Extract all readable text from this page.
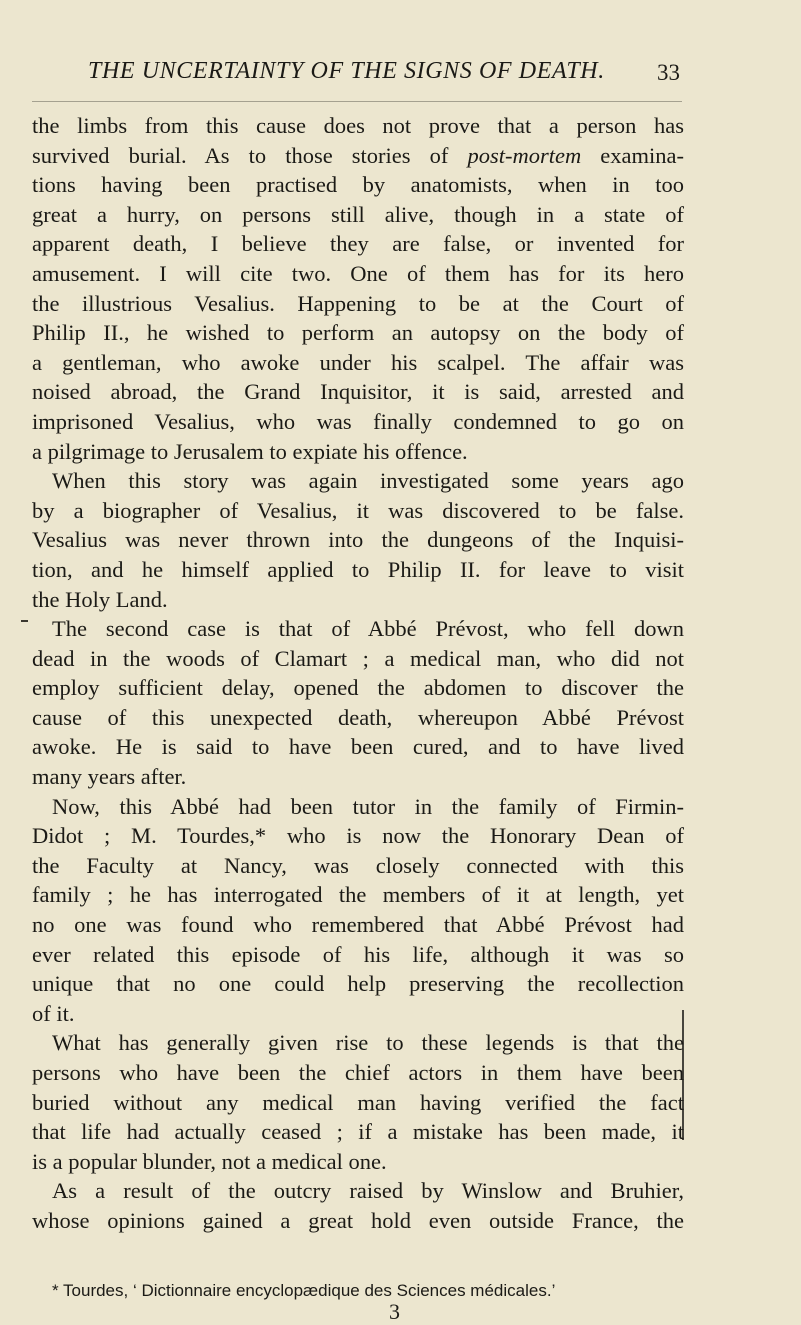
THE UNCERTAINTY OF THE SIGNS OF DEATH. 33
the limbs from this cause does not prove that a person has
survived burial. As to those stories of post-mortem examina-
tions having been practised by anatomists, when in too
great a hurry, on persons still alive, though in a state of
apparent death, I believe they are false, or invented for
amusement. I will cite two. One of them has for its hero
the illustrious Vesalius. Happening to be at the Court of
Philip II., he wished to perform an autopsy on the body of
a gentleman, who awoke under his scalpel. The affair was
noised abroad, the Grand Inquisitor, it is said, arrested and
imprisoned Vesalius, who was finally condemned to go on
a pilgrimage to Jerusalem to expiate his offence.
When this story was again investigated some years ago
by a biographer of Vesalius, it was discovered to be false.
Vesalius was never thrown into the dungeons of the Inquisi-
tion, and he himself applied to Philip II. for leave to visit
the Holy Land.
The second case is that of Abbé Prévost, who fell down
dead in the woods of Clamart ; a medical man, who did not
employ sufficient delay, opened the abdomen to discover the
cause of this unexpected death, whereupon Abbé Prévost
awoke. He is said to have been cured, and to have lived
many years after.
Now, this Abbé had been tutor in the family of Firmin-
Didot ; M. Tourdes,* who is now the Honorary Dean of
the Faculty at Nancy, was closely connected with this
family ; he has interrogated the members of it at length, yet
no one was found who remembered that Abbé Prévost had
ever related this episode of his life, although it was so
unique that no one could help preserving the recollection
of it.
What has generally given rise to these legends is that the
persons who have been the chief actors in them have been
buried without any medical man having verified the fact
that life had actually ceased ; if a mistake has been made, it
is a popular blunder, not a medical one.
As a result of the outcry raised by Winslow and Bruhier,
whose opinions gained a great hold even outside France, the
* Tourdes, ‘ Dictionnaire encyclopædique des Sciences médicales.’
3
